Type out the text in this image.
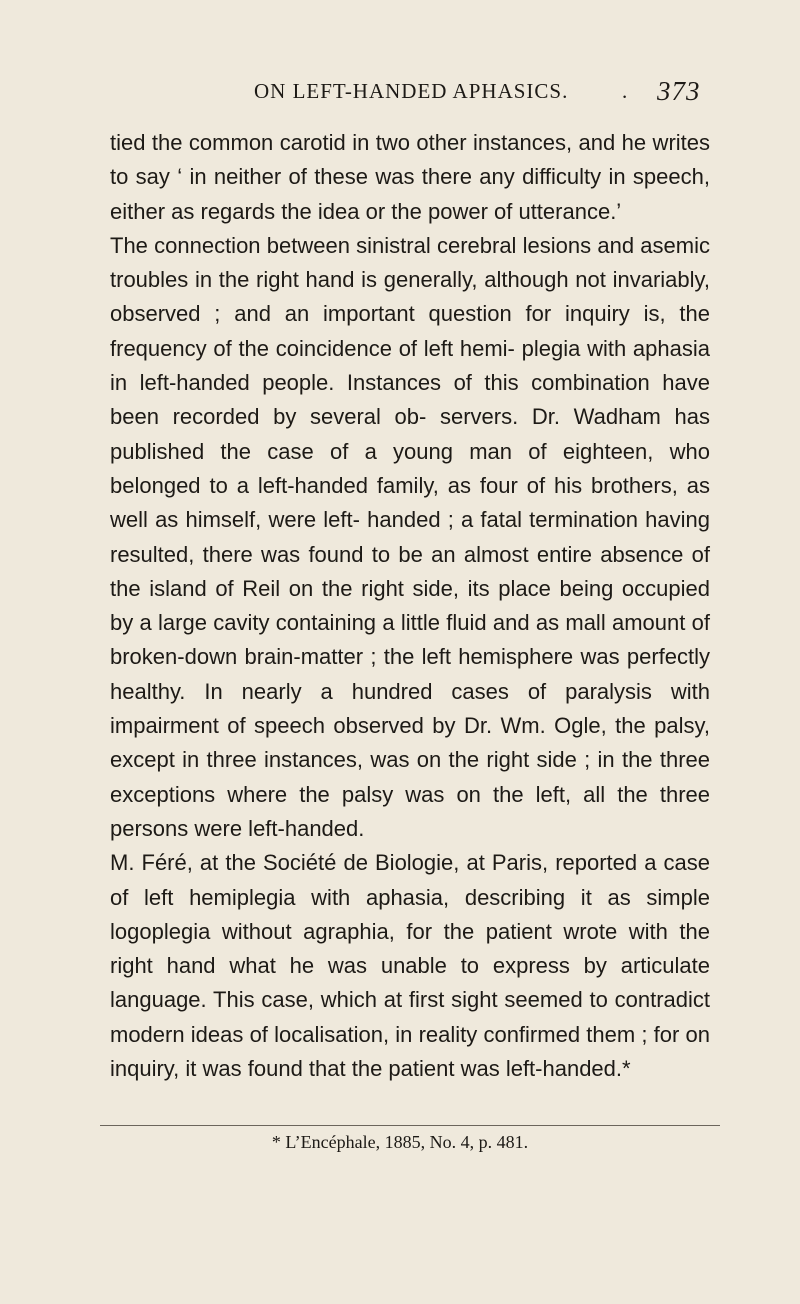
ON LEFT-HANDED APHASICS.	. 373

tied the common carotid in two other instances, and he writes to say ‘ in neither of these was there any difficulty in speech, either as regards the idea or the power of utterance.’

The connection between sinistral cerebral lesions and asemic troubles in the right hand is generally, although not invariably, observed ; and an important question for inquiry is, the frequency of the coincidence of left hemi- plegia with aphasia in left-handed people. Instances of this combination have been recorded by several ob- servers. Dr. Wadham has published the case of a young man of eighteen, who belonged to a left-handed family, as four of his brothers, as well as himself, were left- handed ; a fatal termination having resulted, there was found to be an almost entire absence of the island of Reil on the right side, its place being occupied by a large cavity containing a little fluid and as mall amount of broken-down brain-matter ; the left hemisphere was perfectly healthy. In nearly a hundred cases of paralysis with impairment of speech observed by Dr. Wm. Ogle, the palsy, except in three instances, was on the right side ; in the three exceptions where the palsy was on the left, all the three persons were left-handed.

M. Féré, at the Société de Biologie, at Paris, reported a case of left hemiplegia with aphasia, describing it as simple logoplegia without agraphia, for the patient wrote with the right hand what he was unable to express by articulate language. This case, which at first sight seemed to contradict modern ideas of localisation, in reality confirmed them ; for on inquiry, it was found that the patient was left-handed.*

* L’Encéphale, 1885, No. 4, p. 481.
